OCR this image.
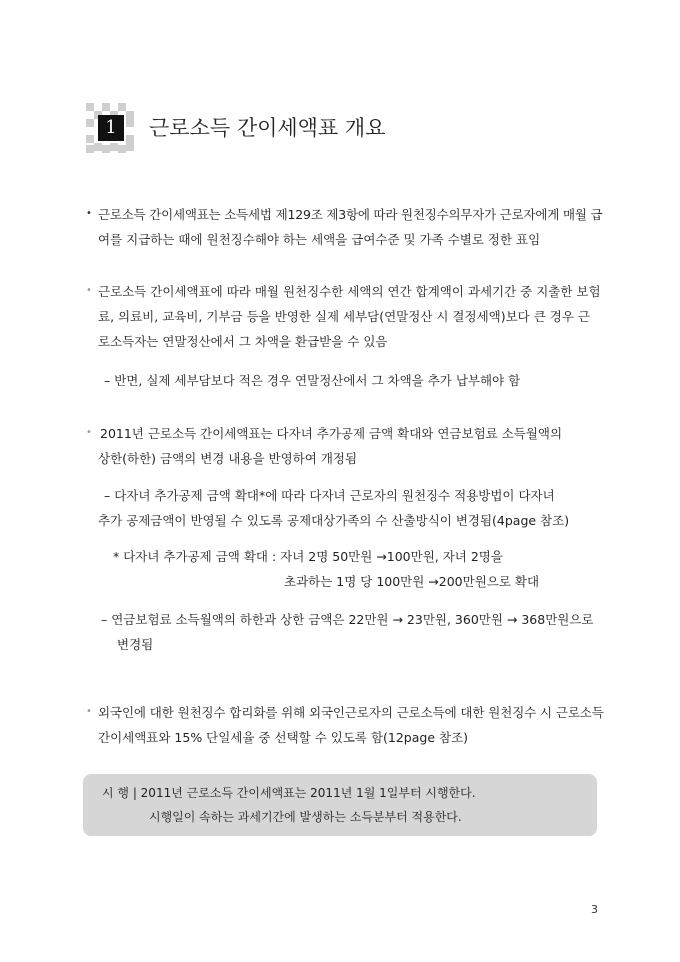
1	근로소득 간이세액표 개요
• 근로소득 간이세액표는 소득세법 제129조 제3항에 따라 원천징수의무자가 근로자에게 매월 급
여를 지급하는 때에 원천징수해야 하는 세액을 급여수준 및 가족 수별로 정한 표임
• 근로소득 간이세액표에 따라 매월 원천징수한 세액의 연간 합계액이 과세기간 중 지출한 보험
료, 의료비, 교육비, 기부금 등을 반영한 실제 세부담(연말정산 시 결정세액)보다 큰 경우 근
로소득자는 연말정산에서 그 차액을 환급받을 수 있음
– 반면, 실제 세부담보다 적은 경우 연말정산에서 그 차액을 추가 납부해야 함
• 2011년 근로소득 간이세액표는 다자녀 추가공제 금액 확대와 연금보험료 소득월액의
상한(하한) 금액의 변경 내용을 반영하여 개정됨
– 다자녀 추가공제 금액 확대*에 따라 다자녀 근로자의 원천징수 적용방법이 다자녀
추가 공제금액이 반영될 수 있도록 공제대상가족의 수 산출방식이 변경됨(4page 참조)
* 다자녀 추가공제 금액 확대 : 자녀 2명 50만원 →100만원, 자녀 2명을
초과하는 1명 당 100만원 →200만원으로 확대
– 연금보험료 소득월액의 하한과 상한 금액은 22만원 → 23만원, 360만원 → 368만원으로
변경됨
• 외국인에 대한 원천징수 합리화를 위해 외국인근로자의 근로소득에 대한 원천징수 시 근로소득
간이세액표와 15% 단일세율 중 선택할 수 있도록 함(12page 참조)
시 행 | 2011년 근로소득 간이세액표는 2011년 1월 1일부터 시행한다.
시행일이 속하는 과세기간에 발생하는 소득분부터 적용한다.
3
